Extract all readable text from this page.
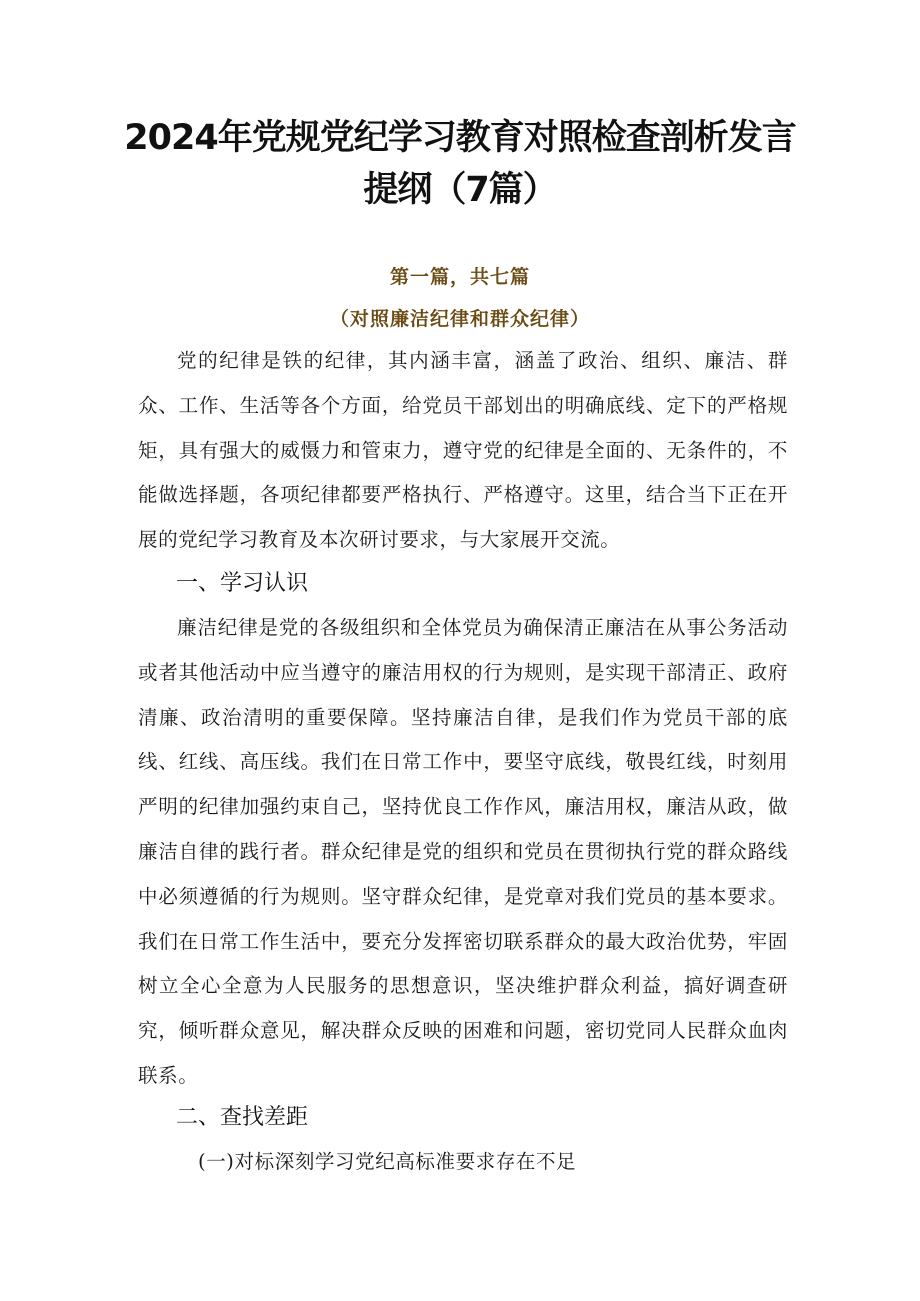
2024年党规党纪学习教育对照检查剖析发言提纲（7篇）
第一篇，共七篇
（对照廉洁纪律和群众纪律）
党的纪律是铁的纪律，其内涵丰富，涵盖了政治、组织、廉洁、群众、工作、生活等各个方面，给党员干部划出的明确底线、定下的严格规矩，具有强大的威慑力和管束力，遵守党的纪律是全面的、无条件的，不能做选择题，各项纪律都要严格执行、严格遵守。这里，结合当下正在开展的党纪学习教育及本次研讨要求，与大家展开交流。
一、学习认识
廉洁纪律是党的各级组织和全体党员为确保清正廉洁在从事公务活动或者其他活动中应当遵守的廉洁用权的行为规则，是实现干部清正、政府清廉、政治清明的重要保障。坚持廉洁自律，是我们作为党员干部的底线、红线、高压线。我们在日常工作中，要坚守底线，敬畏红线，时刻用严明的纪律加强约束自己，坚持优良工作作风，廉洁用权，廉洁从政，做廉洁自律的践行者。群众纪律是党的组织和党员在贯彻执行党的群众路线中必须遵循的行为规则。坚守群众纪律，是党章对我们党员的基本要求。我们在日常工作生活中，要充分发挥密切联系群众的最大政治优势，牢固树立全心全意为人民服务的思想意识，坚决维护群众利益，搞好调查研究，倾听群众意见，解决群众反映的困难和问题，密切党同人民群众血肉联系。
二、查找差距
(一)对标深刻学习党纪高标准要求存在不足
